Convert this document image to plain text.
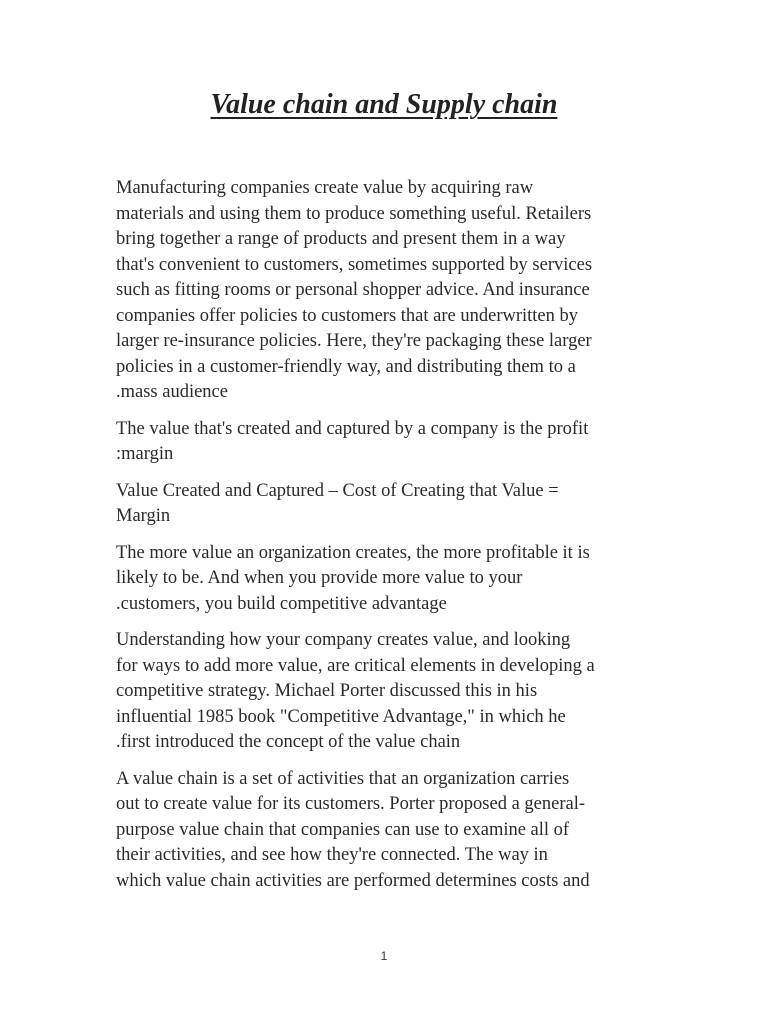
Value chain and Supply chain

Manufacturing companies create value by acquiring raw
materials and using them to produce something useful. Retailers
bring together a range of products and present them in a way
that's convenient to customers, sometimes supported by services
such as fitting rooms or personal shopper advice. And insurance
companies offer policies to customers that are underwritten by
larger re-insurance policies. Here, they're packaging these larger
policies in a customer-friendly way, and distributing them to a
.mass audience

The value that's created and captured by a company is the profit
:margin

Value Created and Captured – Cost of Creating that Value =
Margin

The more value an organization creates, the more profitable it is
likely to be. And when you provide more value to your
.customers, you build competitive advantage

Understanding how your company creates value, and looking
for ways to add more value, are critical elements in developing a
competitive strategy. Michael Porter discussed this in his
influential 1985 book "Competitive Advantage," in which he
.first introduced the concept of the value chain

A value chain is a set of activities that an organization carries
out to create value for its customers. Porter proposed a general-
purpose value chain that companies can use to examine all of
their activities, and see how they're connected. The way in
which value chain activities are performed determines costs and

1
